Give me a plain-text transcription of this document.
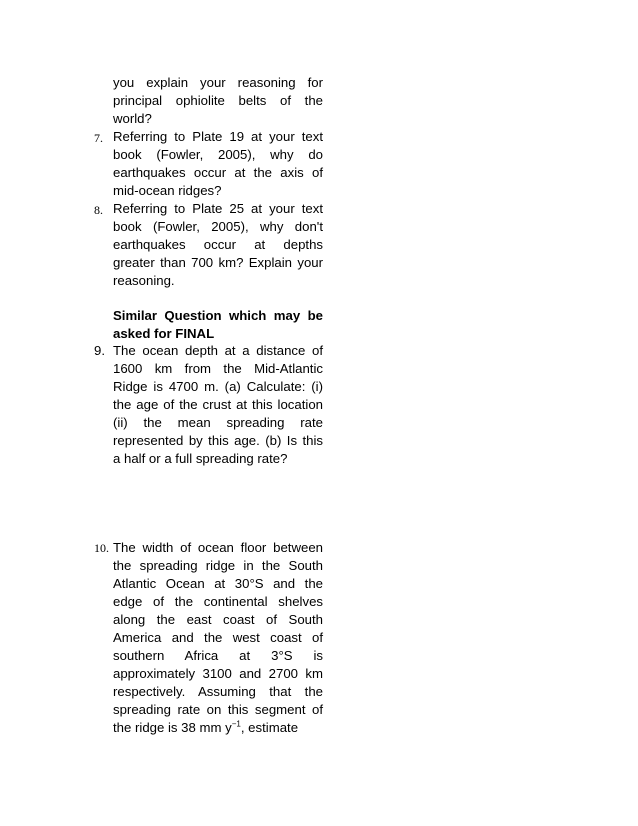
you explain your reasoning for principal ophiolite belts of the world?

7. Referring to Plate 19 at your text book (Fowler, 2005), why do earthquakes occur at the axis of mid-ocean ridges?

8. Referring to Plate 25 at your text book (Fowler, 2005), why don't earthquakes occur at depths greater than 700 km? Explain your reasoning.

Similar Question which may be asked for FINAL

9. The ocean depth at a distance of 1600 km from the Mid-Atlantic Ridge is 4700 m. (a) Calculate: (i) the age of the crust at this location (ii) the mean spreading rate represented by this age. (b) Is this a half or a full spreading rate?

10. The width of ocean floor between the spreading ridge in the South Atlantic Ocean at 30°S and the edge of the continental shelves along the east coast of South America and the west coast of southern Africa at 3°S is approximately 3100 and 2700 km respectively. Assuming that the spreading rate on this segment of the ridge is 38 mm $y^{-1}$, estimate
